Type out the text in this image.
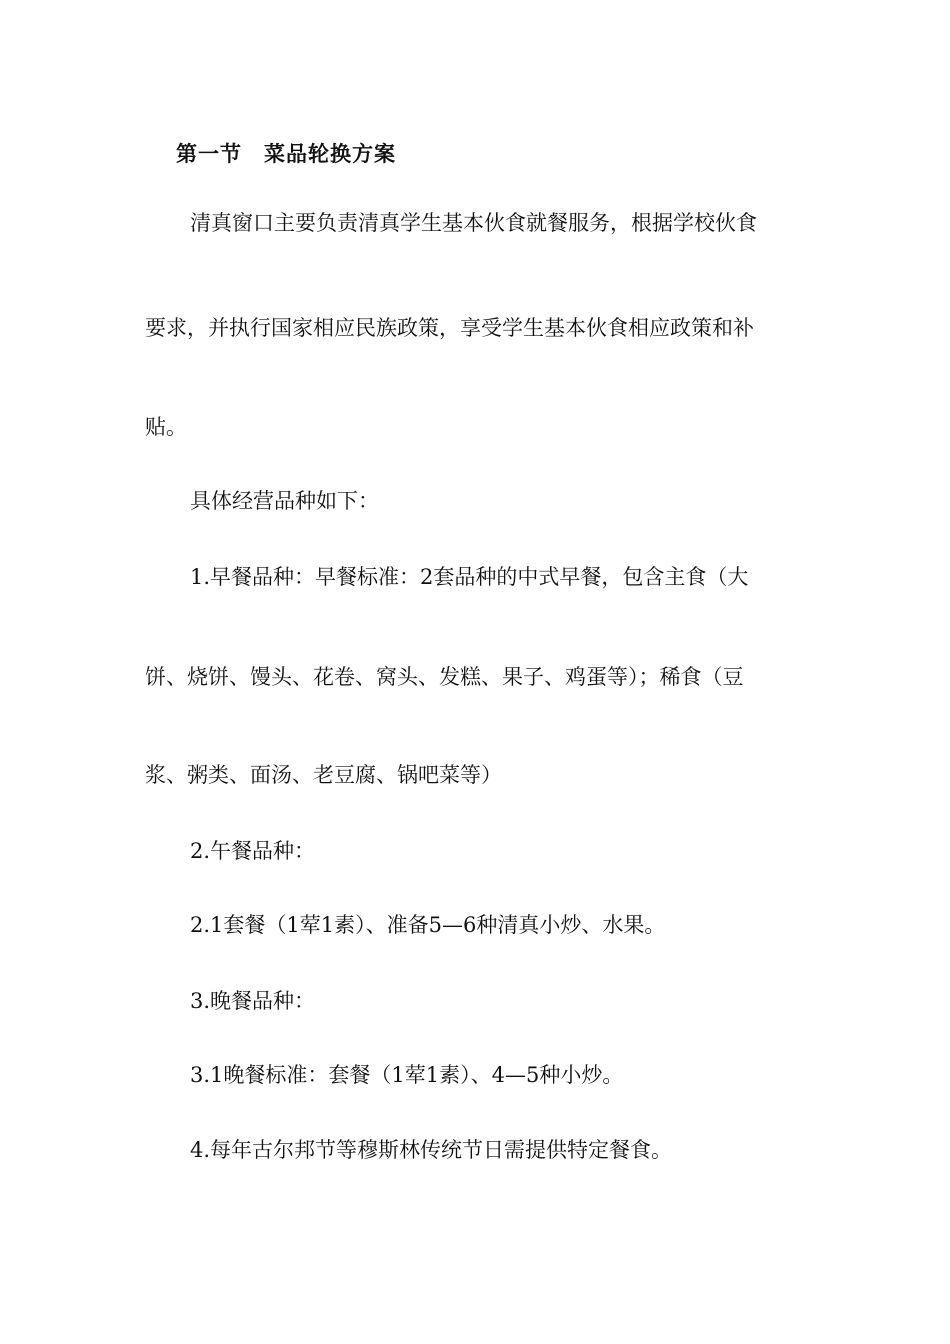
第一节　菜品轮换方案

清真窗口主要负责清真学生基本伙食就餐服务，根据学校伙食

要求，并执行国家相应民族政策，享受学生基本伙食相应政策和补

贴。

具体经营品种如下：

1.早餐品种：早餐标准：2套品种的中式早餐，包含主食（大

饼、烧饼、馒头、花卷、窝头、发糕、果子、鸡蛋等）；稀食（豆

浆、粥类、面汤、老豆腐、锅吧菜等）

2.午餐品种：

2.1套餐（1荤1素）、准备5—6种清真小炒、水果。

3.晚餐品种：

3.1晚餐标准：套餐（1荤1素）、4—5种小炒。

4.每年古尔邦节等穆斯林传统节日需提供特定餐食。
